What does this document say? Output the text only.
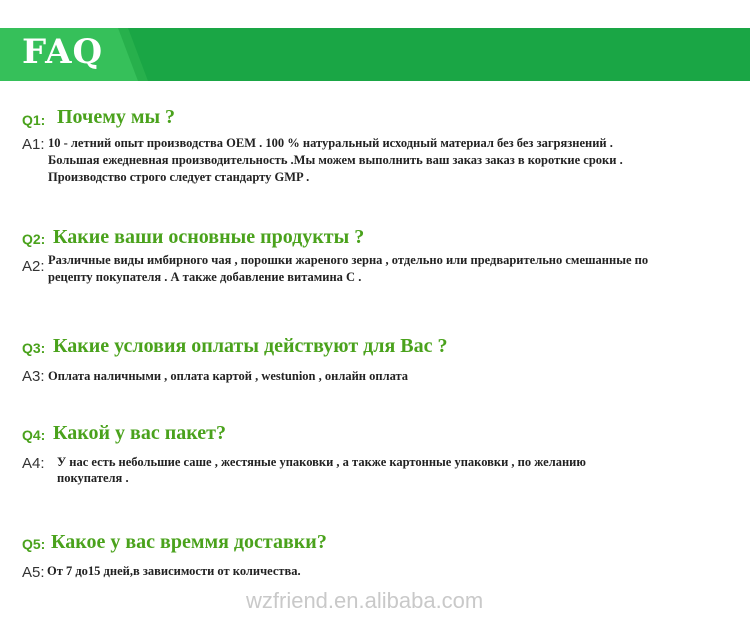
FAQ
Q1: Почему мы ?
A1: 10 - летний опыт производства OEM . 100 % натуральный исходный материал без без загрязнений .
Большая ежедневная производительность .Мы можем выполнить ваш заказ заказ в короткие сроки .
Производство строго следует стандарту GMP .
Q2: Какие ваши основные продукты ?
A2: Различные виды имбирного чая , порошки жареного зерна , отдельно или предварительно смешанные по
рецепту покупателя . А также добавление витамина С .
Q3: Какие условия оплаты действуют для Вас ?
A3: Оплата наличными , оплата картой , westunion , онлайн оплата
Q4: Какой у вас пакет?
A4: У нас есть небольшие саше , жестяные упаковки , а также картонные упаковки , по желанию
покупателя .
Q5: Какое у вас времмя доставки?
A5: От 7 до15 дней,в зависимости от количества.
wzfriend.en.alibaba.com
